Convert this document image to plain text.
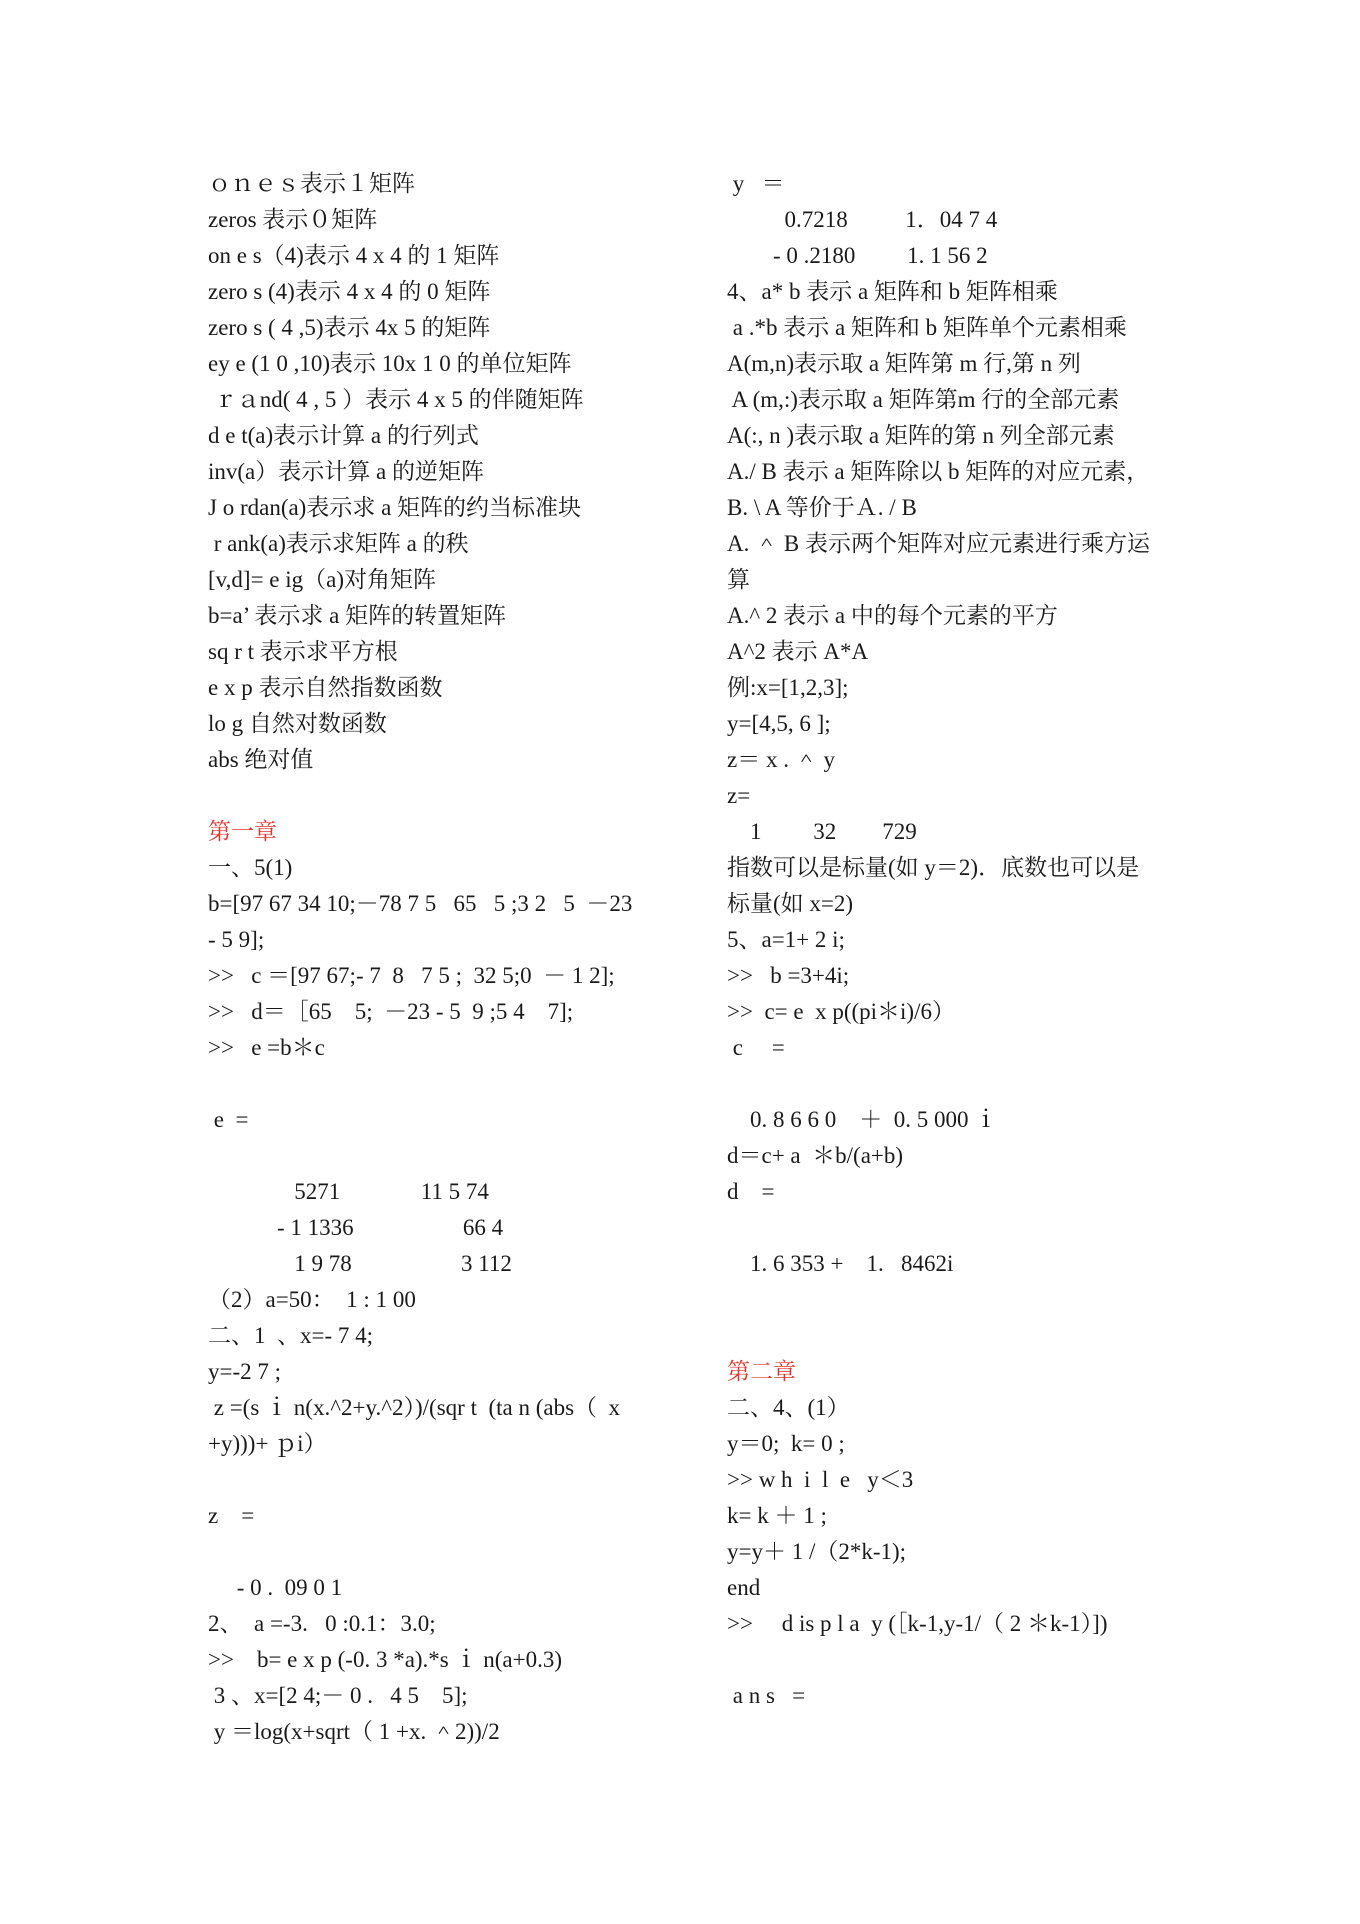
ｏｎｅｓ表示１矩阵
zeros 表示０矩阵
on e s（4)表示 4 x 4 的 1 矩阵
zero s (4)表示 4 x 4 的 0 矩阵
zero s ( 4 ,5)表示 4x 5 的矩阵
ey e (1 0 ,10)表示 10x 1 0 的单位矩阵
ｒａnd( 4 , 5 ）表示 4 x 5 的伴随矩阵
d e t(a)表示计算 a 的行列式
inv(a）表示计算 a 的逆矩阵
J o rdan(a)表示求 a 矩阵的约当标准块
r ank(a)表示求矩阵 a 的秩
[v,d]= e ig（a)对角矩阵
b=a’ 表示求 a 矩阵的转置矩阵
sq r t 表示求平方根
e x p 表示自然指数函数
lo g 自然对数函数
abs 绝对值
第一章
一、5(1)
b=[97 67 34 10;－78 7 5   65   5 ;3 2   5  －23
- 5 9];
>>   c ＝[97 67;- 7  8   7 5 ;  32 5;0  － 1 2];
>>   d＝［65    5;  －23 - 5  9 ;5 4    7];
>>   e =b＊c
e  =
5271              11 5 74
- 1 1336                   66 4
1 9 78                   3 112
（2）a=50：  1 : 1 00
二、1  、x=- 7 4;
y=-2 7 ;
z =(s ｉ n(x.^2+y.^2）)/(sqr t  (ta n (abs（  x
+y)))+ ｐi）
z    =
- 0 .  09 0 1
2、  a =-3.   0 :0.1：3.0;
>>    b= e x p (-0. 3 *a).*s ｉ n(a+0.3)
3 、x=[2 4;－ 0 .   4 5    5];
y ＝log(x+sqrt（ 1 +x. ＾2))/2
y   ＝
0.7218          1．04 7 4
- 0 .2180         1. 1 56 2
4、a* b 表示 a 矩阵和 b 矩阵相乘
a .*b 表示 a 矩阵和 b 矩阵单个元素相乘
A(m,n)表示取 a 矩阵第 m 行,第 n 列
A (m,:)表示取 a 矩阵第m 行的全部元素
A(:, n )表示取 a 矩阵的第 n 列全部元素
A./ B 表示 a 矩阵除以 b 矩阵的对应元素，
B. \ A 等价于Ａ. / B
A. ＾ B 表示两个矩阵对应元素进行乘方运
算
A.^ 2 表示 a 中的每个元素的平方
A^2 表示 A*A
例:x=[1,2,3];
y=[4,5, 6 ];
z＝ x . ＾ y
z=
1         32        729
指数可以是标量(如 y＝2)．底数也可以是
标量(如 x=2)
5、a=1+ 2 i;
>>   b =3+4i;
>>  c= e  x p((pi＊i)/6）
c     =
0. 8 6 6 0    ＋  0. 5 000 ｉ
d＝c+ a  ＊b/(a+b)
d    =
1. 6 353 +    1.   8462i
第二章
二、4、(1）
y＝0;  k= 0 ;
>> w h  i  l  e   y＜3
k= k ＋ 1 ;
y=y＋ 1 /（2*k-1);
end
>>     d is p l a  y (［k-1,y-1/（ 2 ＊k-1）])
a n s   =
